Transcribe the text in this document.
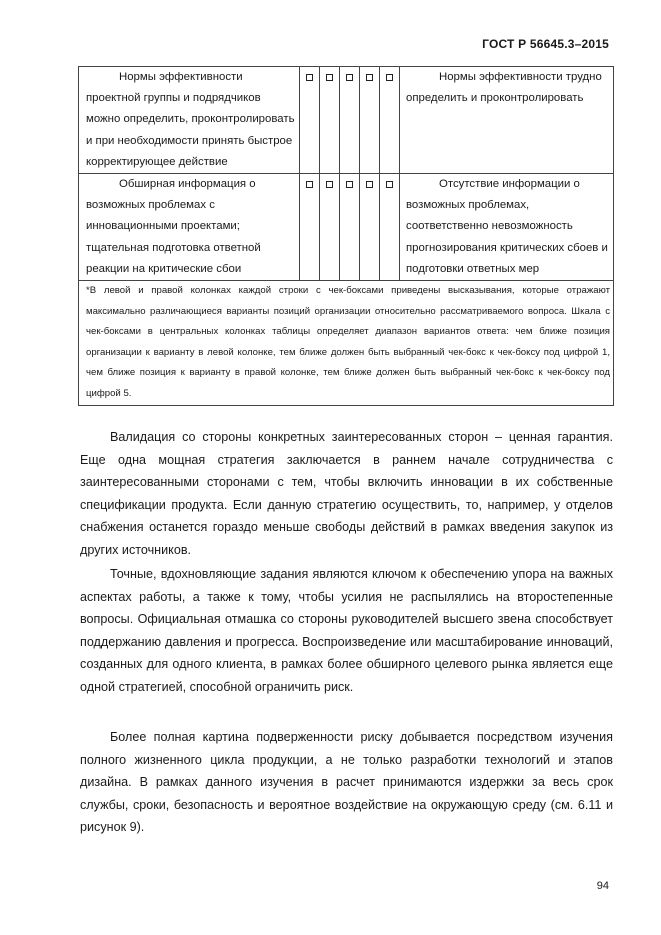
ГОСТ Р 56645.3–2015
Нормы эффективности проектной группы и подрядчиков можно определить, проконтролировать и при необходимости принять быстрое корректирующее действие						Нормы эффективности трудно определить и проконтролировать
Обширная информация о возможных проблемах с инновационными проектами; тщательная подготовка ответной реакции на критические сбои						Отсутствие информации о возможных проблемах, соответственно невозможность прогнозирования критических сбоев и подготовки ответных мер
*В левой и правой колонках каждой строки с чек-боксами приведены высказывания, которые отражают максимально различающиеся варианты позиций организации относительно рассматриваемого вопроса. Шкала с чек-боксами в центральных колонках таблицы определяет диапазон вариантов ответа: чем ближе позиция организации к варианту в левой колонке, тем ближе должен быть выбранный чек-бокс к чек-боксу под цифрой 1, чем ближе позиция к варианту в правой колонке, тем ближе должен быть выбранный чек-бокс к чек-боксу под цифрой 5.						

Валидация со стороны конкретных заинтересованных сторон – ценная гарантия. Еще одна мощная стратегия заключается в раннем начале сотрудничества с заинтересованными сторонами с тем, чтобы включить инновации в их собственные спецификации продукта. Если данную стратегию осуществить, то, например, у отделов снабжения останется гораздо меньше свободы действий в рамках введения закупок из других источников.

Точные, вдохновляющие задания являются ключом к обеспечению упора на важных аспектах работы, а также к тому, чтобы усилия не распылялись на второстепенные вопросы. Официальная отмашка со стороны руководителей высшего звена способствует поддержанию давления и прогресса. Воспроизведение или масштабирование инноваций, созданных для одного клиента, в рамках более обширного целевого рынка является еще одной стратегией, способной ограничить риск.

Более полная картина подверженности риску добывается посредством изучения полного жизненного цикла продукции, а не только разработки технологий и этапов дизайна. В рамках данного изучения в расчет принимаются издержки за весь срок службы, сроки, безопасность и вероятное воздействие на окружающую среду (см. 6.11 и рисунок 9).

94
